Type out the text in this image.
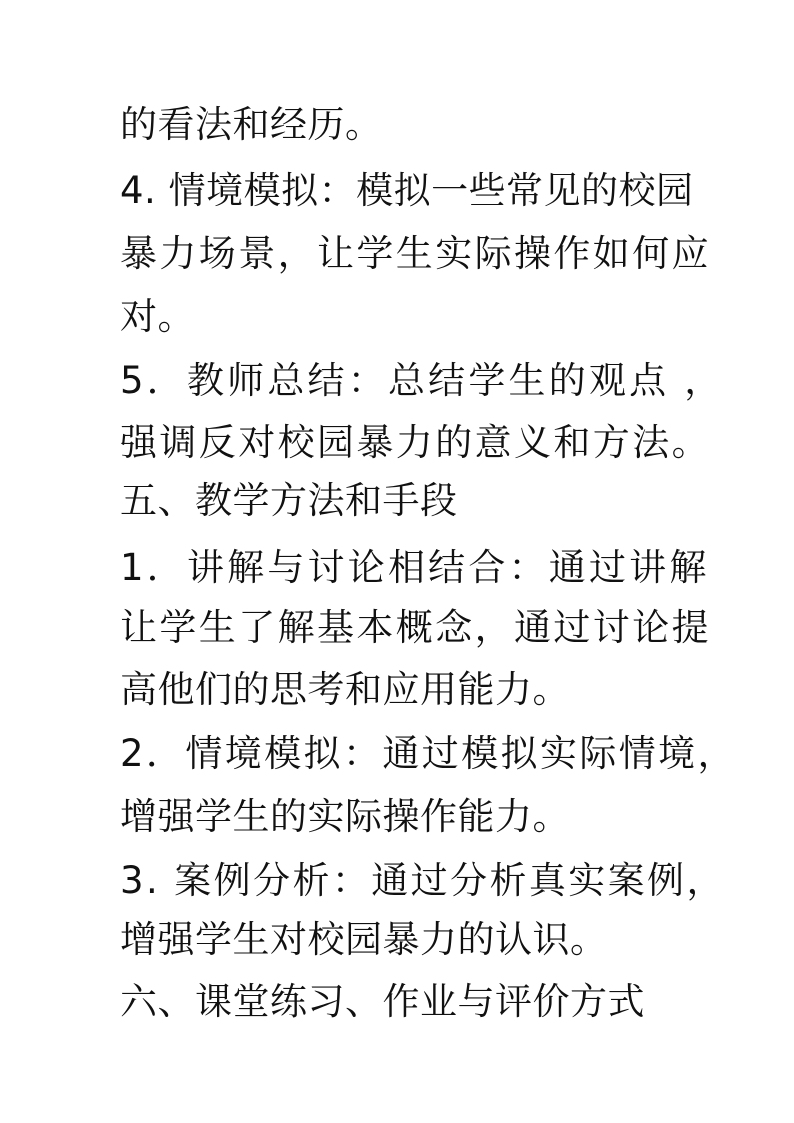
的看法和经历。
4. 情境模拟：模拟一些常见的校园
暴力场景，让学生实际操作如何应
对。
5．教师总结：总结学生的观点 ，
强调反对校园暴力的意义和方法。
五、教学方法和手段
1．讲解与讨论相结合：通过讲解
让学生了解基本概念，通过讨论提
高他们的思考和应用能力。
2．情境模拟：通过模拟实际情境，
增强学生的实际操作能力。
3. 案例分析：通过分析真实案例，
增强学生对校园暴力的认识。
六、课堂练习、作业与评价方式
